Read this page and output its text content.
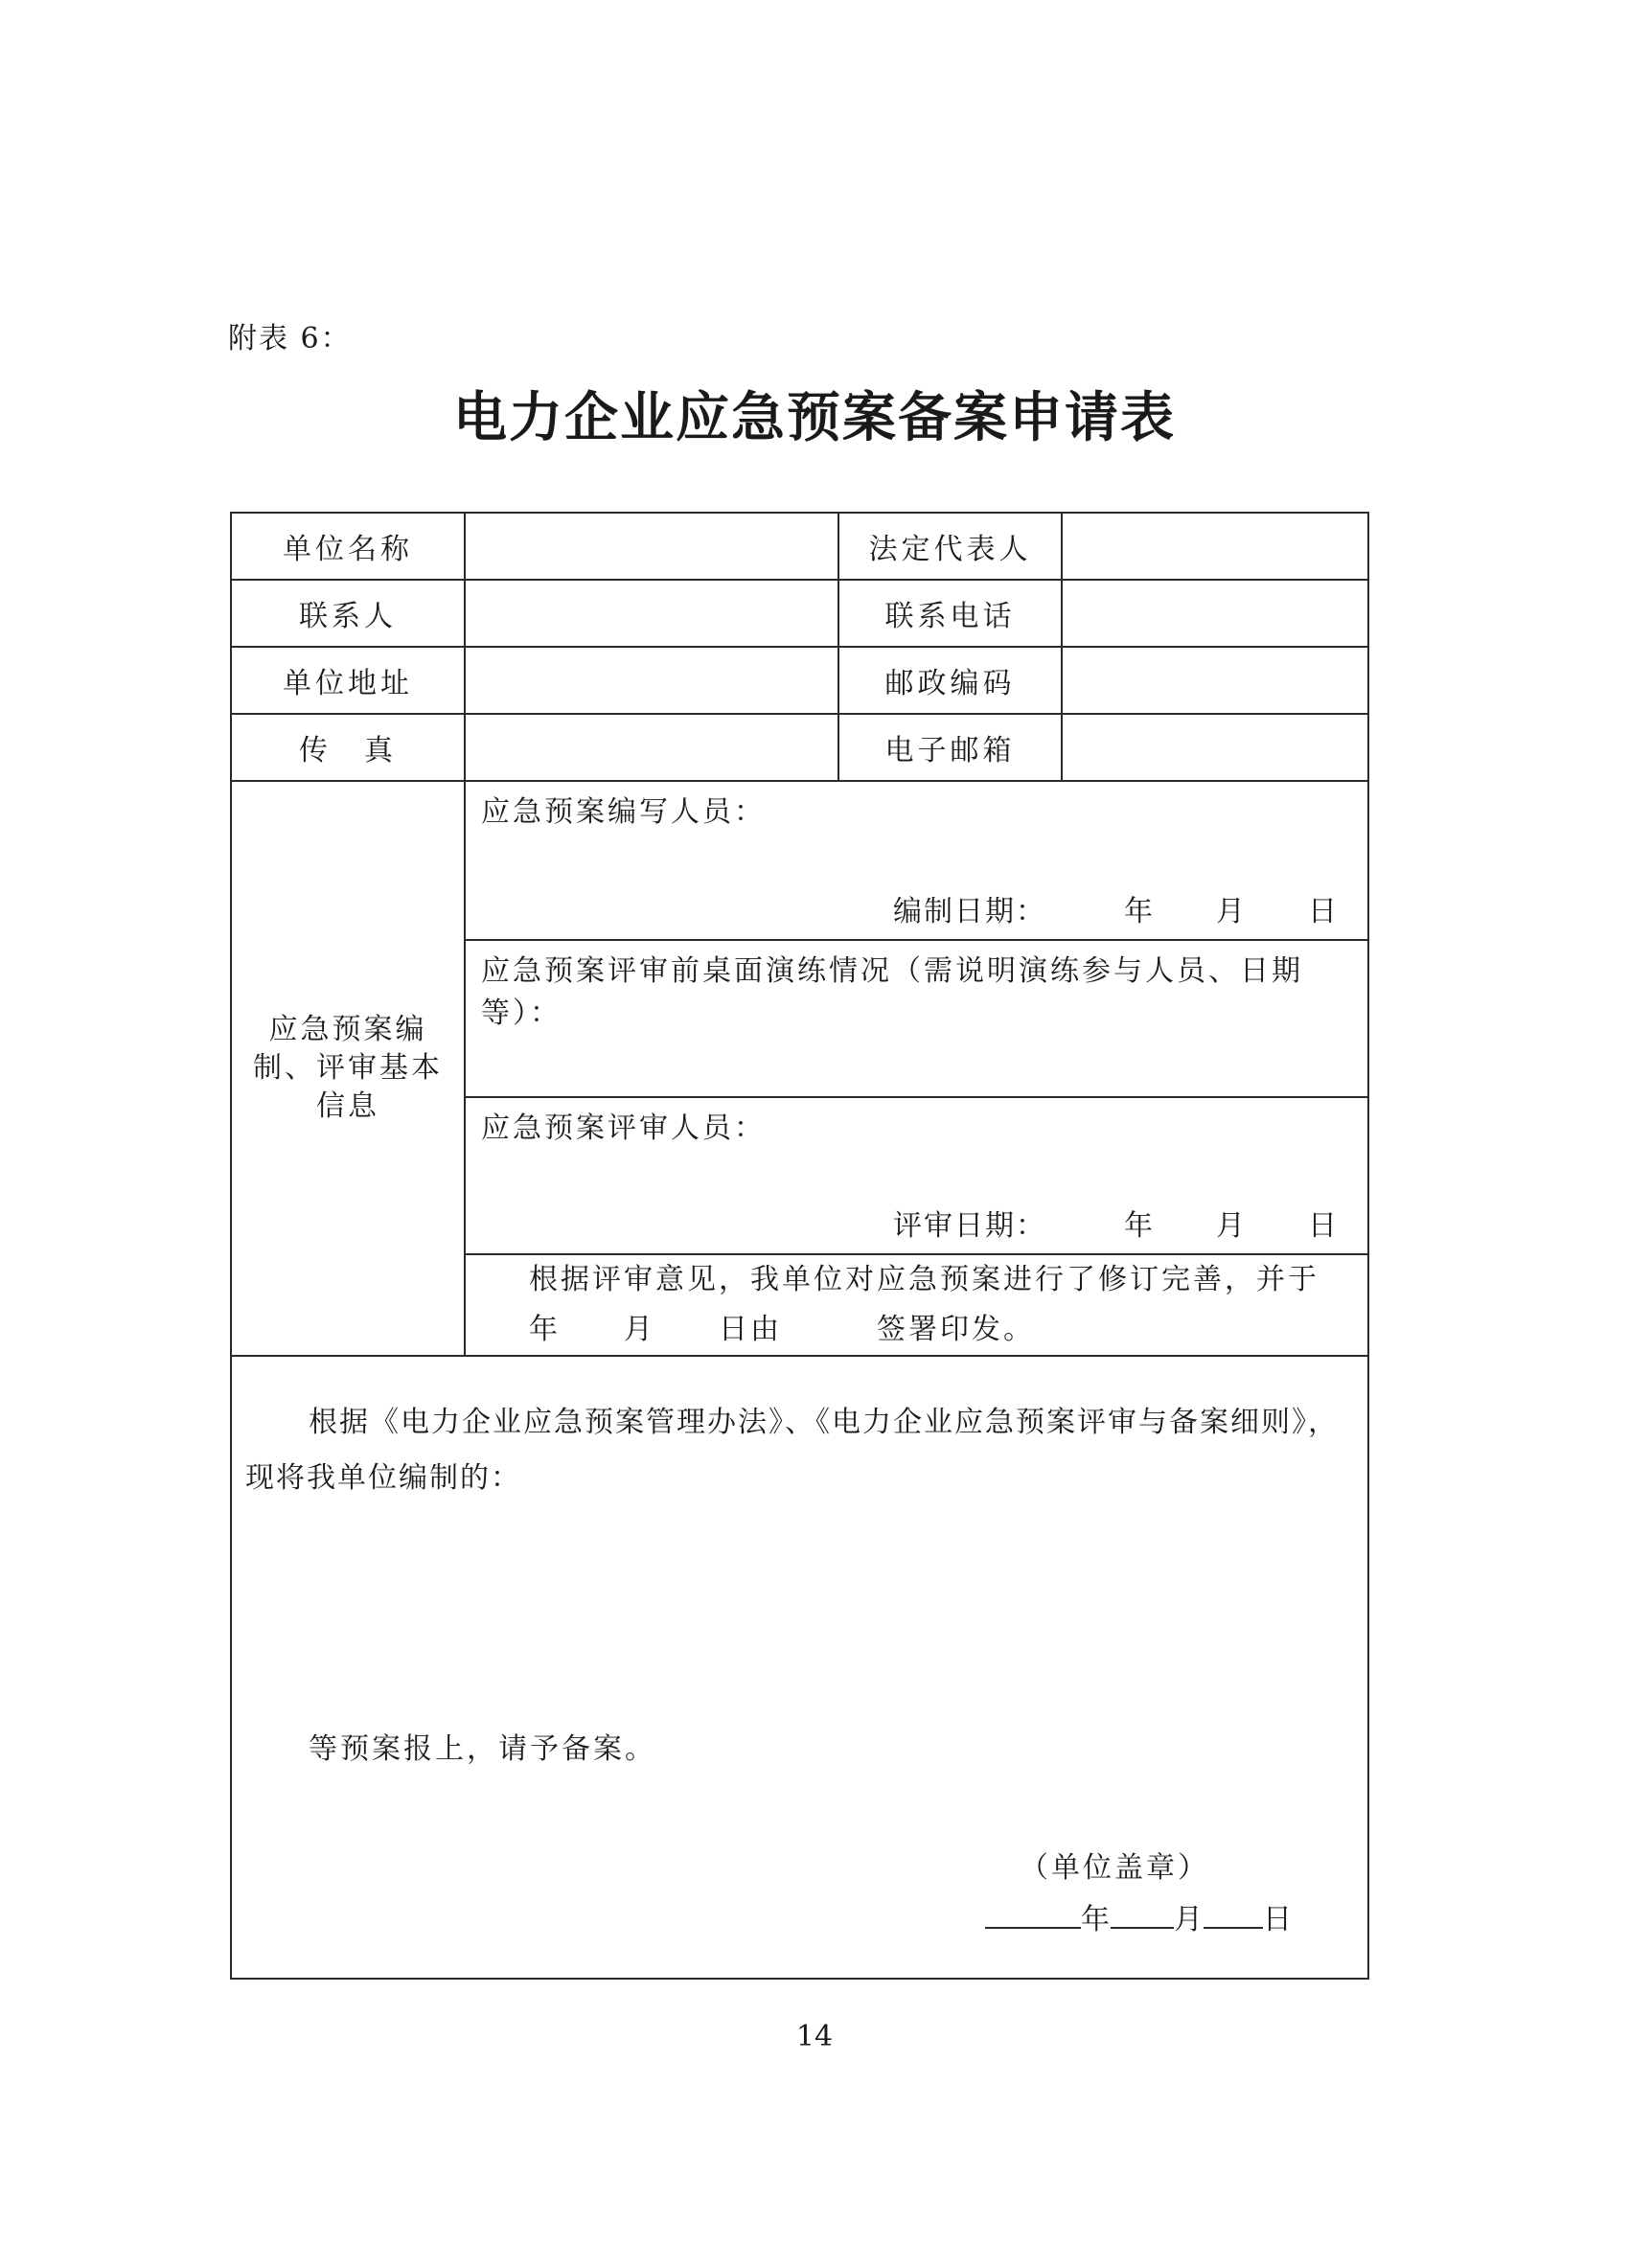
附表 6：
电力企业应急预案备案申请表
单位名称		法定代表人	
联系人		联系电话	
单位地址		邮政编码	
传　真		电子邮箱	
应急预案编制、评审基本信息	应急预案编写人员：
编制日期：　　　年　　月　　日		

	应急预案评审前桌面演练情况（需说明演练参与人员、日期等）：		

	应急预案评审人员：
评审日期：　　　年　　月　　日		

	根据评审意见，我单位对应急预案进行了修订完善，并于
年　　月　　日由　　　签署印发。		

根据《电力企业应急预案管理办法》、《电力企业应急预案评审与备案细则》，现将我单位编制的：
等预案报上，请予备案。
（单位盖章）
年 月 日			
14
